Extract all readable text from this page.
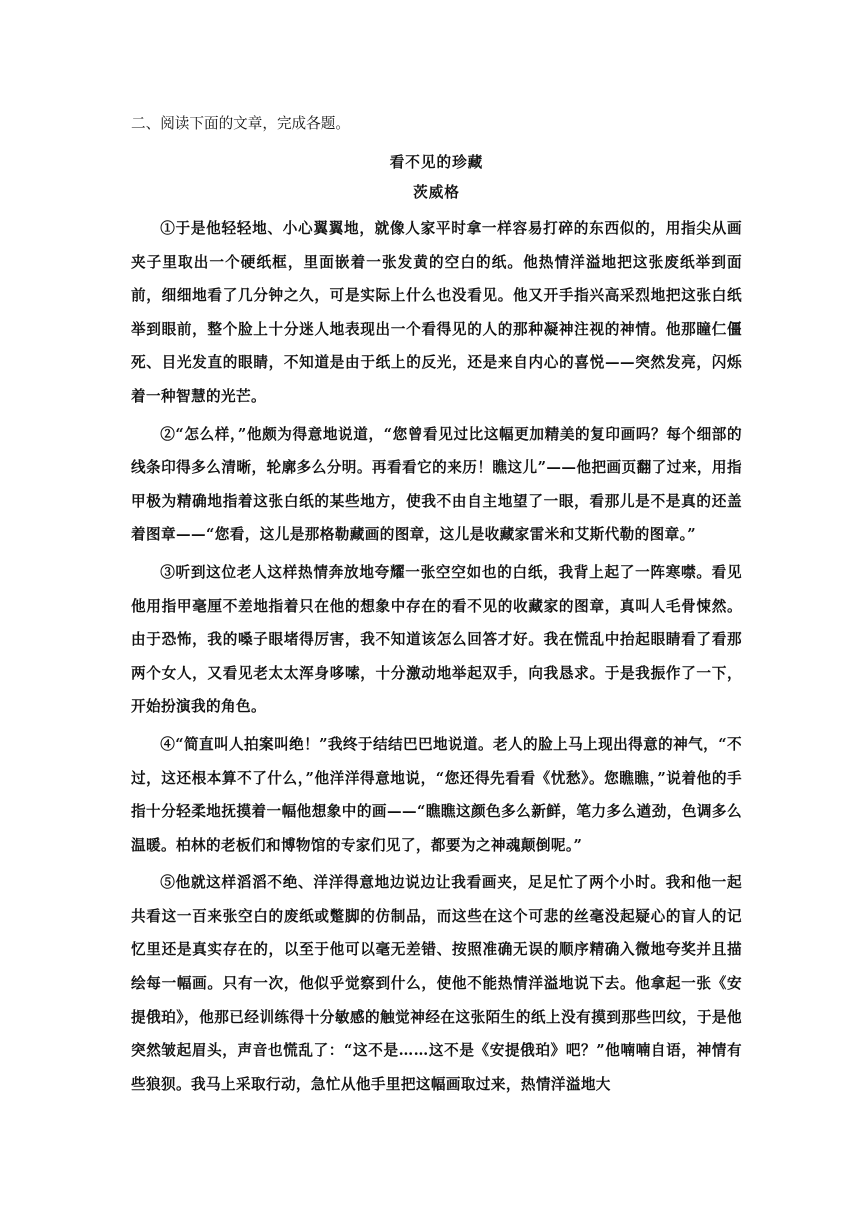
二、阅读下面的文章，完成各题。

看不见的珍藏

茨威格

①于是他轻轻地、小心翼翼地，就像人家平时拿一样容易打碎的东西似的，用指尖从画夹子里取出一个硬纸框，里面嵌着一张发黄的空白的纸。他热情洋溢地把这张废纸举到面前，细细地看了几分钟之久，可是实际上什么也没看见。他又开手指兴高采烈地把这张白纸举到眼前，整个脸上十分迷人地表现出一个看得见的人的那种凝神注视的神情。他那瞳仁僵死、目光发直的眼睛，不知道是由于纸上的反光，还是来自内心的喜悦——突然发亮，闪烁着一种智慧的光芒。

②“怎么样，”他颇为得意地说道，“您曾看见过比这幅更加精美的复印画吗？每个细部的线条印得多么清晰，轮廓多么分明。再看看它的来历！瞧这儿”——他把画页翻了过来，用指甲极为精确地指着这张白纸的某些地方，使我不由自主地望了一眼，看那儿是不是真的还盖着图章——“您看，这儿是那格勒藏画的图章，这儿是收藏家雷米和艾斯代勒的图章。”

③听到这位老人这样热情奔放地夸耀一张空空如也的白纸，我背上起了一阵寒噤。看见他用指甲毫厘不差地指着只在他的想象中存在的看不见的收藏家的图章，真叫人毛骨悚然。由于恐怖，我的嗓子眼堵得厉害，我不知道该怎么回答才好。我在慌乱中抬起眼睛看了看那两个女人，又看见老太太浑身哆嗦，十分激动地举起双手，向我恳求。于是我振作了一下，开始扮演我的角色。

④“简直叫人拍案叫绝！”我终于结结巴巴地说道。老人的脸上马上现出得意的神气，“不过，这还根本算不了什么，”他洋洋得意地说，“您还得先看看《忧愁》。您瞧瞧，”说着他的手指十分轻柔地抚摸着一幅他想象中的画——“瞧瞧这颜色多么新鲜，笔力多么遒劲，色调多么温暖。柏林的老板们和博物馆的专家们见了，都要为之神魂颠倒呢。”

⑤他就这样滔滔不绝、洋洋得意地边说边让我看画夹，足足忙了两个小时。我和他一起共看这一百来张空白的废纸或蹩脚的仿制品，而这些在这个可悲的丝毫没起疑心的盲人的记忆里还是真实存在的，以至于他可以毫无差错、按照准确无误的顺序精确入微地夸奖并且描绘每一幅画。只有一次，他似乎觉察到什么，使他不能热情洋溢地说下去。他拿起一张《安提俄珀》，他那已经训练得十分敏感的触觉神经在这张陌生的纸上没有摸到那些凹纹，于是他突然皱起眉头，声音也慌乱了：“这不是……这不是《安提俄珀》吧？”他喃喃自语，神情有些狼狈。我马上采取行动，急忙从他手里把这幅画取过来，热情洋溢地大
